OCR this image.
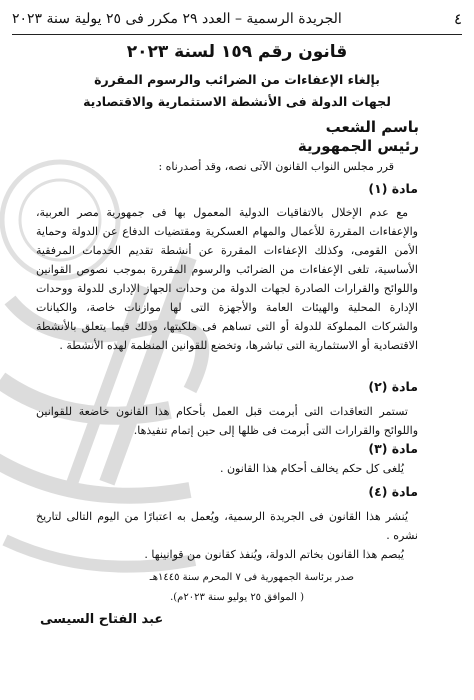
٤
الجريدة الرسمية – العدد ٢٩ مكرر فى ٢٥ يولية سنة ٢٠٢٣
قانون رقم ١٥٩ لسنة ٢٠٢٣
بإلغاء الإعفاءات من الضرائب والرسوم المقررة
لجهات الدولة فى الأنشطة الاستثمارية والاقتصادية
باسم الشعب
رئيس الجمهورية
قرر مجلس النواب القانون الآتى نصه، وقد أصدرناه :
مادة (١)
مع عدم الإخلال بالاتفاقيات الدولية المعمول بها فى جمهورية مصر العربية، والإعفاءات المقررة للأعمال والمهام العسكرية ومقتضيات الدفاع عن الدولة وحماية الأمن القومى، وكذلك الإعفاءات المقررة عن أنشطة تقديم الخدمات المرفقية الأساسية، تلغى الإعفاءات من الضرائب والرسوم المقررة بموجب نصوص القوانين واللوائح والقرارات الصادرة لجهات الدولة من وحدات الجهاز الإدارى للدولة ووحدات الإدارة المحلية والهيئات العامة والأجهزة التى لها موازنات خاصة، والكيانات والشركات المملوكة للدولة أو التى تساهم فى ملكيتها، وذلك فيما يتعلق بالأنشطة الاقتصادية أو الاستثمارية التى تباشرها، وتخضع للقوانين المنظمة لهذه الأنشطة .
مادة (٢)
تستمر التعاقدات التى أبرمت قبل العمل بأحكام هذا القانون خاضعة للقوانين واللوائح والقرارات التى أبرمت فى ظلها إلى حين إتمام تنفيذها.
مادة (٣)
يُلغى كل حكم يخالف أحكام هذا القانون .
مادة (٤)
يُنشر هذا القانون فى الجريدة الرسمية، ويُعمل به اعتبارًا من اليوم التالى لتاريخ نشره .
يُبصم هذا القانون بخاتم الدولة، ويُنفذ كقانون من قوانينها .
صدر برئاسة الجمهورية فى ٧ المحرم سنة ١٤٤٥هـ
( الموافق ٢٥ يوليو سنة ٢٠٢٣م).
عبد الفتاح السيسى
